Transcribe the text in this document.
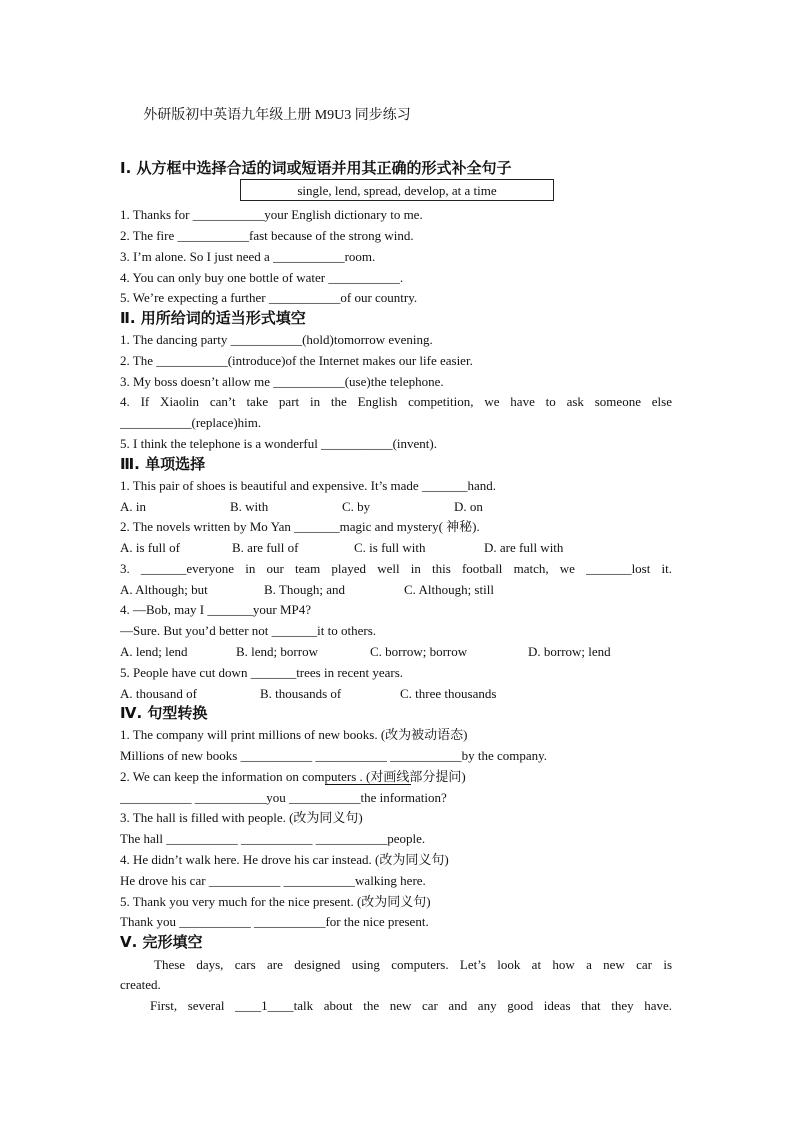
外研版初中英语九年级上册 M9U3 同步练习
Ⅰ. 从方框中选择合适的词或短语并用其正确的形式补全句子
1. Thanks for ___________your English dictionary to me.
2. The fire ___________fast because of the strong wind.
3. I’m alone. So I just need a ___________room.
4. You can only buy one bottle of water ___________.
5. We’re expecting a further ___________of our country.
Ⅱ. 用所给词的适当形式填空
1. The dancing party ___________(hold)tomorrow evening.
2. The ___________(introduce)of the Internet makes our life easier.
3. My boss doesn’t allow me ___________(use)the telephone.
4. If Xiaolin can’t take part in the English competition, we have to ask someone else
___________(replace)him.
5. I think the telephone is a wonderful ___________(invent).
Ⅲ. 单项选择
1. This pair of shoes is beautiful and expensive. It’s made _______hand.
A. in	B. with	C. by	D. on
2. The novels written by Mo Yan _______magic and mystery( 神秘).
A. is full of	B. are full of	C. is full with	D. are full with
3. _______everyone in our team played well in this football match, we _______lost it.
A. Although; but	B. Though; and	C. Although; still
4. —Bob, may I _______your MP4?
—Sure. But you’d better not _______it to others.
A. lend; lend	B. lend; borrow	C. borrow; borrow	D. borrow; lend
5. People have cut down _______trees in recent years.
A. thousand of	B. thousands of	C. three thousands
Ⅳ. 句型转换
1. The company will print millions of new books. (改为被动语态)
Millions of new books ___________ ___________ ___________by the company.
2. We can keep the information on computers . (对画线部分提问)
___________ ___________you ___________the information?
3. The hall is filled with people. (改为同义句)
The hall ___________ ___________ ___________people.
4. He didn’t walk here. He drove his car instead. (改为同义句)
He drove his car ___________ ___________walking here.
5. Thank you very much for the nice present. (改为同义句)
Thank you ___________ ___________for the nice present.
Ⅴ. 完形填空
These days, cars are designed using computers. Let’s look at how a new car is
created.
First, several ____1____talk about the new car and any good ideas that they have.
single, lend, spread, develop, at a time
